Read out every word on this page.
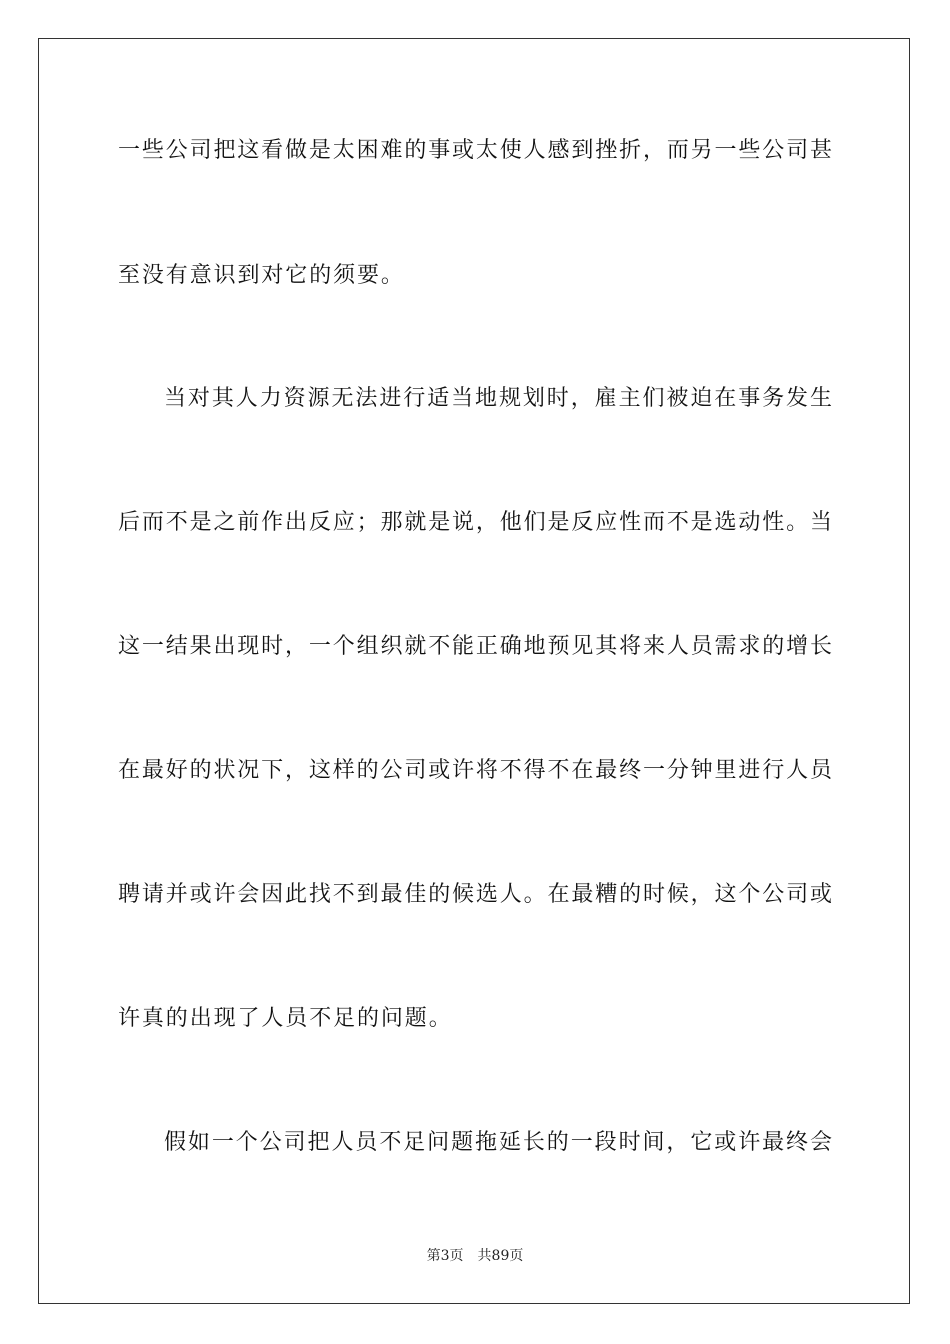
一些公司把这看做是太困难的事或太使人感到挫折，而另一些公司甚
至没有意识到对它的须要。
当对其人力资源无法进行适当地规划时，雇主们被迫在事务发生
后而不是之前作出反应；那就是说，他们是反应性而不是选动性。当
这一结果出现时，一个组织就不能正确地预见其将来人员需求的增长
在最好的状况下，这样的公司或许将不得不在最终一分钟里进行人员
聘请并或许会因此找不到最佳的候选人。在最糟的时候，这个公司或
许真的出现了人员不足的问题。
假如一个公司把人员不足问题拖延长的一段时间，它或许最终会
第3页 共89页
